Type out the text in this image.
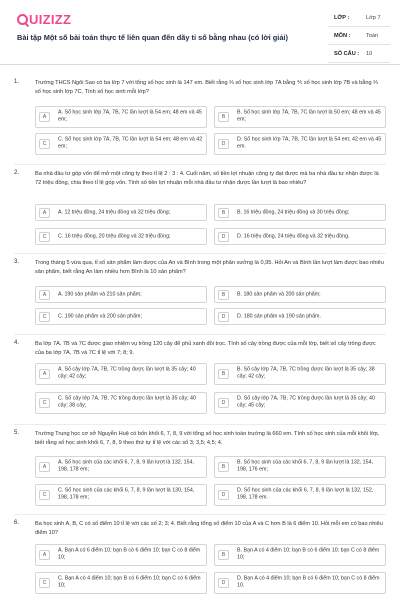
UIZIZZ
Bài tập Một số bài toán thực tế liên quan đến dãy tỉ số bằng nhau (có lời giải)
LỚP :	Lớp 7
MÔN :	Toán
SỐ CÂU : 10
1.	Trường THCS Ngôi Sao có ba lớp 7 với tổng số học sinh là 147 em. Biết rằng ⅔ số học sinh lớp 7A bằng ⅘ số học sinh lớp 7B và bằng ⅔ số học sinh lớp 7C. Tính số học sinh mỗi lớp?
A
A. Số học sinh lớp 7A, 7B, 7C lần lượt là 54 em; 48 em và 45 em;	B
B. Số học sinh lớp 7A, 7B, 7C lần lượt là 50 em; 48 em và 45 em;
C
C. Số học sinh lớp 7A, 7B, 7C lần lượt là 54 em; 48 em và 42 em;	D
D. Số học sinh lớp 7A, 7B, 7C lần lượt là 54 em; 42 em và 45 em.
2.	Ba nhà đầu tư góp vốn để mở một công ty theo tỉ lệ 2 : 3 : 4. Cuối năm, số tiền lợi nhuận công ty đạt được mà ba nhà đầu tư nhận được là 72 triệu đồng, chia theo tỉ lệ góp vốn. Tính số tiền lợi nhuận mỗi nhà đầu tư nhận được lần lượt là bao nhiêu?
A	A. 12 triệu đồng, 24 triệu đồng và 32 triệu đồng;	B	B. 16 triệu đồng, 24 triệu đồng và 30 triệu đồng;
C	C. 16 triệu đồng, 20 triệu đồng và 32 triệu đồng;	D	D. 16 triệu đồng, 24 triệu đồng và 32 triệu đồng.
3.	Trong tháng 5 vừa qua, tỉ số sản phẩm làm được của An và Bình trong một phân xưởng là 0,95. Hỏi An và Bình lần lượt làm được bao nhiêu sản phẩm, biết rằng An làm nhiều hơn Bình là 10 sản phẩm?
A	A. 190 sản phẩm và 210 sản phẩm;	B	B. 180 sản phẩm và 200 sản phẩm;
C	C. 190 sản phẩm và 200 sản phẩm;	D	D. 180 sản phẩm và 190 sản phẩm.
4.	Ba lớp 7A, 7B và 7C được giao nhiệm vụ trồng 120 cây để phủ xanh đồi trọc. Tính số cây trồng được của mỗi lớp, biết số cây trồng được của ba lớp 7A, 7B và 7C tỉ lệ với 7; 8; 9.
A
A. Số cây lớp 7A, 7B, 7C trồng được lần lượt là 35 cây; 40 cây; 42 cây;	B
B. Số cây lớp 7A, 7B, 7C trồng được lần lượt là 35 cây; 38 cây; 42 cây;
C
C. Số cây lớp 7A, 7B, 7C trồng được lần lượt là 35 cây; 40 cây; 38 cây;	D
D. Số cây lớp 7A, 7B, 7C trồng được lần lượt là 35 cây; 40 cây; 45 cây;
5.	Trường Trung học cơ sở Nguyễn Huệ có bốn khối 6, 7, 8, 9 với tổng số học sinh toàn trường là 660 em. Tính số học sinh của mỗi khối lớp, biết rằng số học sinh khối 6, 7, 8, 9 theo thứ tự tỉ lệ với các số 3; 3,5; 4,5; 4.
A
A. Số học sinh của các khối 6, 7, 8, 9 lần lượt là 132, 154, 198, 178 em;	B
B. Số học sinh của các khối 6, 7, 8, 9 lần lượt là 132, 154, 198, 176 em;
C
C. Số học sinh của các khối 6, 7, 8, 9 lần lượt là 130, 154, 198, 178 em;	D
D. Số học sinh của các khối 6, 7, 8, 9 lần lượt là 132, 152, 198, 178 em.
6.	Ba học sinh A, B, C có số điểm 10 tỉ lệ với các số 2; 3; 4. Biết rằng tổng số điểm 10 của A và C hơn B là 6 điểm 10. Hỏi mỗi em có bao nhiêu điểm 10?
A
A. Bạn A có 6 điểm 10; bạn B có 6 điểm 10; bạn C có 8 điểm 10;	B
B. Bạn A có 4 điểm 10; bạn B có 6 điểm 10; bạn C có 8 điểm 10;
C
C. Bạn A có 4 điểm 10; bạn B có 6 điểm 10; bạn C có 6 điểm 10;	D
D. Bạn A có 4 điểm 10; bạn B có 6 điểm 10; bạn C có 8 điểm 10.
